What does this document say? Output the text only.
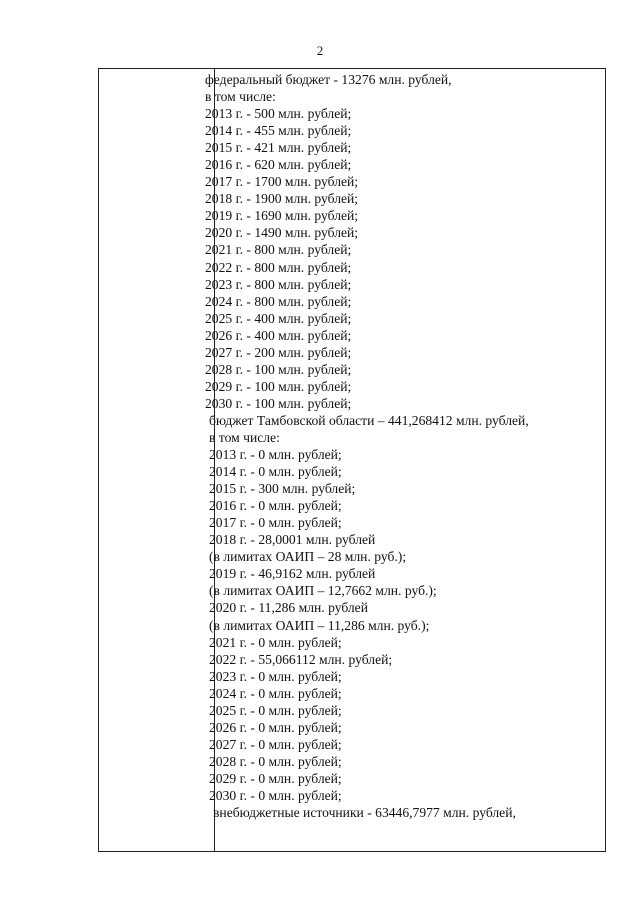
2
федеральный бюджет - 13276 млн. рублей,
в том числе:
2013 г. - 500 млн. рублей;
2014 г. - 455 млн. рублей;
2015 г. - 421 млн. рублей;
2016 г. - 620 млн. рублей;
2017 г. - 1700 млн. рублей;
2018 г. - 1900 млн. рублей;
2019 г. - 1690 млн. рублей;
2020 г. - 1490 млн. рублей;
2021 г. - 800 млн. рублей;
2022 г. - 800 млн. рублей;
2023 г. - 800 млн. рублей;
2024 г. - 800 млн. рублей;
2025 г. - 400 млн. рублей;
2026 г. - 400 млн. рублей;
2027 г. - 200 млн. рублей;
2028 г. - 100 млн. рублей;
2029 г. - 100 млн. рублей;
2030 г. - 100 млн. рублей;
бюджет Тамбовской области – 441,268412 млн. рублей,
в том числе:
2013 г. - 0 млн. рублей;
2014 г. - 0 млн. рублей;
2015 г. - 300 млн. рублей;
2016 г. - 0 млн. рублей;
2017 г. - 0 млн. рублей;
2018 г. - 28,0001 млн. рублей
(в лимитах ОАИП – 28 млн. руб.);
2019 г. - 46,9162 млн. рублей
(в лимитах ОАИП – 12,7662 млн. руб.);
2020 г. - 11,286 млн. рублей
(в лимитах ОАИП – 11,286 млн. руб.);
2021 г. - 0 млн. рублей;
2022 г. - 55,066112 млн. рублей;
2023 г. - 0 млн. рублей;
2024 г. - 0 млн. рублей;
2025 г. - 0 млн. рублей;
2026 г. - 0 млн. рублей;
2027 г. - 0 млн. рублей;
2028 г. - 0 млн. рублей;
2029 г. - 0 млн. рублей;
2030 г. - 0 млн. рублей;
внебюджетные источники - 63446,7977 млн. рублей,
